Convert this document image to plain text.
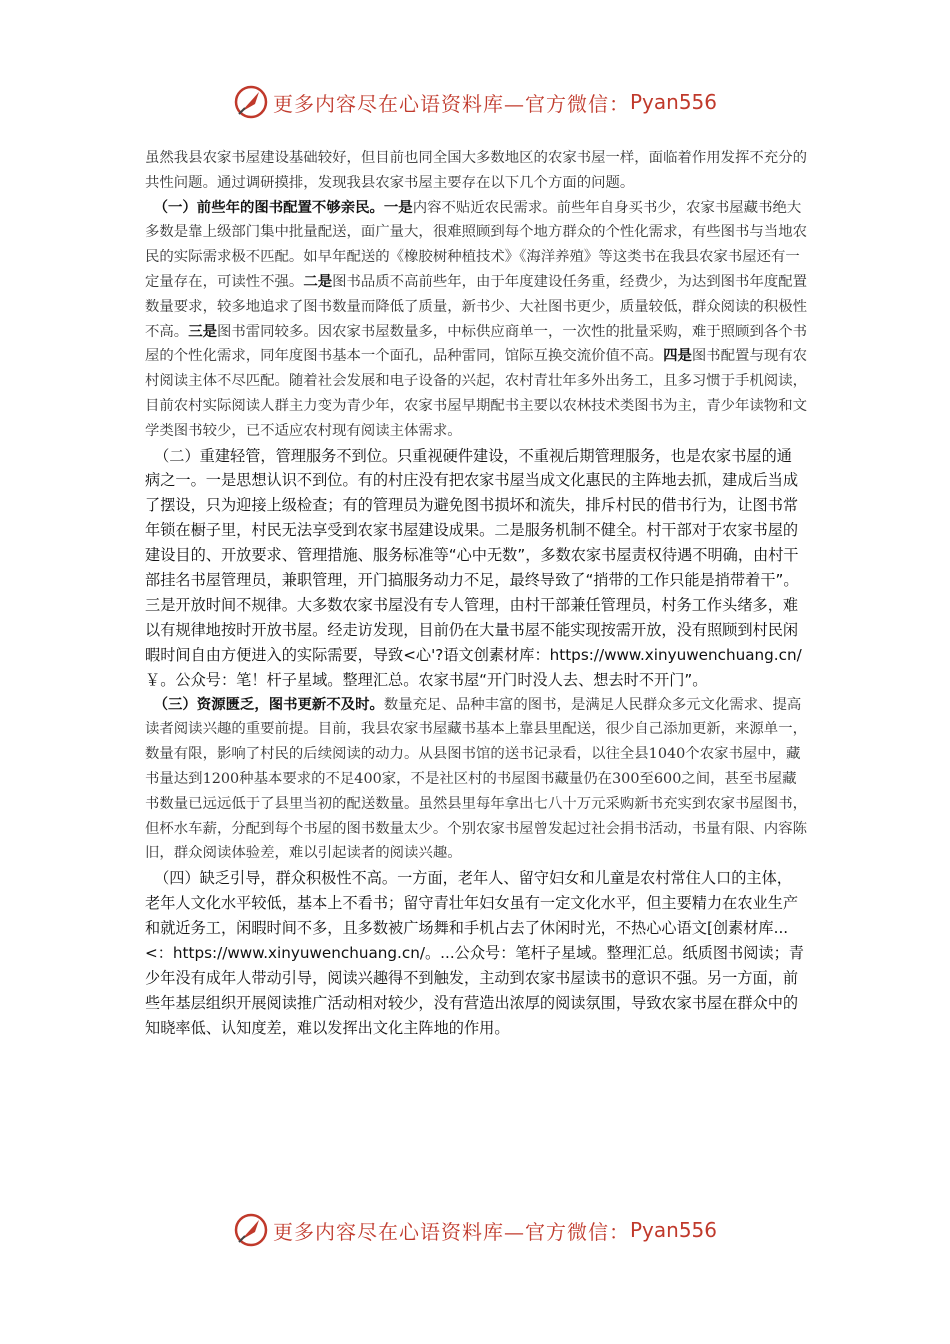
更多内容尽在心语资料库—官方微信： Pyan556

虽然我县农家书屋建设基础较好，但目前也同全国大多数地区的农家书屋一样，面临着作用发挥不充分的共性问题。通过调研摸排，发现我县农家书屋主要存在以下几个方面的问题。

（一）前些年的图书配置不够亲民。一是内容不贴近农民需求。前些年自身买书少，农家书屋藏书绝大多数是靠上级部门集中批量配送，面广量大，很难照顾到每个地方群众的个性化需求，有些图书与当地农民的实际需求极不匹配。如早年配送的《橡胶树种植技术》《海洋养殖》等这类书在我县农家书屋还有一定量存在，可读性不强。二是图书品质不高前些年，由于年度建设任务重，经费少，为达到图书年度配置数量要求，较多地追求了图书数量而降低了质量，新书少、大社图书更少，质量较低，群众阅读的积极性不高。三是图书雷同较多。因农家书屋数量多，中标供应商单一，一次性的批量采购，难于照顾到各个书屋的个性化需求，同年度图书基本一个面孔，品种雷同，馆际互换交流价值不高。四是图书配置与现有农村阅读主体不尽匹配。随着社会发展和电子设备的兴起，农村青壮年多外出务工，且多习惯于手机阅读，目前农村实际阅读人群主力变为青少年，农家书屋早期配书主要以农林技术类图书为主，青少年读物和文学类图书较少，已不适应农村现有阅读主体需求。

（二）重建轻管，管理服务不到位。只重视硬件建设，不重视后期管理服务，也是农家书屋的通病之一。一是思想认识不到位。有的村庄没有把农家书屋当成文化惠民的主阵地去抓，建成后当成了摆设，只为迎接上级检查；有的管理员为避免图书损坏和流失，排斥村民的借书行为，让图书常年锁在橱子里，村民无法享受到农家书屋建设成果。二是服务机制不健全。村干部对于农家书屋的建设目的、开放要求、管理措施、服务标准等“心中无数”，多数农家书屋责权待遇不明确，由村干部挂名书屋管理员，兼职管理，开门搞服务动力不足，最终导致了“捎带的工作只能是捎带着干”。三是开放时间不规律。大多数农家书屋没有专人管理，由村干部兼任管理员，村务工作头绪多，难以有规律地按时开放书屋。经走访发现，目前仍在大量书屋不能实现按需开放，没有照顾到村民闲暇时间自由方便进入的实际需要，导致<心'?语文创素材库：https://www.xinyuwenchuang.cn/￥。公众号：笔！杆子星域。整理汇总。农家书屋“开门时没人去、想去时不开门”。

（三）资源匮乏，图书更新不及时。数量充足、品种丰富的图书，是满足人民群众多元文化需求、提高读者阅读兴趣的重要前提。目前，我县农家书屋藏书基本上靠县里配送，很少自己添加更新，来源单一，数量有限，影响了村民的后续阅读的动力。从县图书馆的送书记录看，以往全县1040个农家书屋中，藏书量达到1200种基本要求的不足400家，不是社区村的书屋图书藏量仍在300至600之间，甚至书屋藏书数量已远远低于了县里当初的配送数量。虽然县里每年拿出七八十万元采购新书充实到农家书屋图书，但杯水车薪，分配到每个书屋的图书数量太少。个别农家书屋曾发起过社会捐书活动，书量有限、内容陈旧，群众阅读体验差，难以引起读者的阅读兴趣。

（四）缺乏引导，群众积极性不高。一方面，老年人、留守妇女和儿童是农村常住人口的主体，老年人文化水平较低，基本上不看书；留守青壮年妇女虽有一定文化水平，但主要精力在农业生产和就近务工，闲暇时间不多，且多数被广场舞和手机占去了休闲时光，不热心心语文[创素材库...<：https://www.xinyuwenchuang.cn/。...公众号：笔杆子星域。整理汇总。纸质图书阅读；青少年没有成年人带动引导，阅读兴趣得不到触发，主动到农家书屋读书的意识不强。另一方面，前些年基层组织开展阅读推广活动相对较少，没有营造出浓厚的阅读氛围，导致农家书屋在群众中的知晓率低、认知度差，难以发挥出文化主阵地的作用。

更多内容尽在心语资料库—官方微信： Pyan556
